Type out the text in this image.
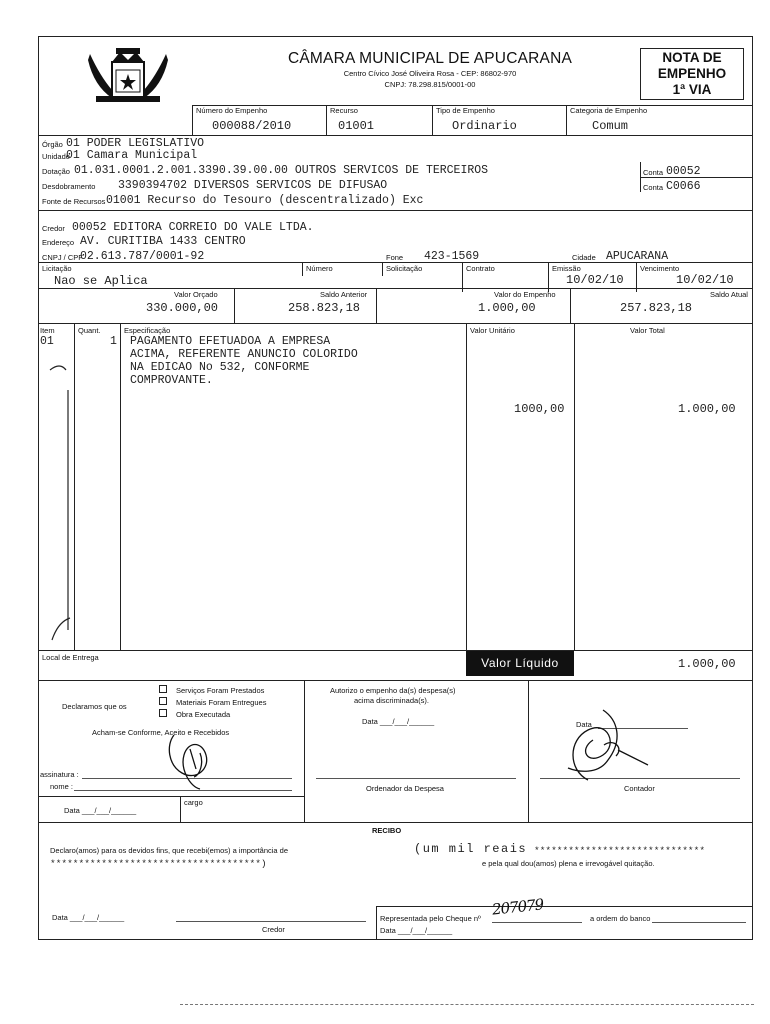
CÂMARA MUNICIPAL DE APUCARANA
Centro Cívico José Oliveira Rosa - CEP: 86802-970
CNPJ: 78.298.815/0001-00
NOTA DE
EMPENHO
1ª VIA
Número do Empenho
000088/2010
Recurso
01001
Tipo de Empenho
Ordinario
Categoria de Empenho
Comum
Órgão 01 PODER LEGISLATIVO
Unidade
01 Camara Municipal
Dotação 01.031.0001.2.001.3390.39.00.00 OUTROS SERVICOS DE TERCEIROS
Desdobramento 3390394702 DIVERSOS SERVICOS DE DIFUSAO
Fonte de Recursos 01001 Recurso do Tesouro (descentralizado) Exc
Conta 00052
Conta C0066
Credor 00052 EDITORA CORREIO DO VALE LTDA.
Endereço AV. CURITIBA 1433 CENTRO
CNPJ / CPF
02.613.787/0001-92	Fone 423-1569	Cidade APUCARANA
Licitação
Nao se Aplica
Número	Solicitação	Contrato	Emissão
10/02/10
Vencimento
10/02/10
Valor Orçado
330.000,00
Saldo Anterior
258.823,18
Valor do Empenho
1.000,00
Saldo Atual
257.823,18
Item	Quant.	Especificação	Valor Unitário	Valor Total
01	1 PAGAMENTO EFETUADOA A EMPRESA
ACIMA, REFERENTE ANUNCIO COLORIDO
NA EDICAO No 532, CONFORME
COMPROVANTE.
1000,00	1.000,00
Local de Entrega	Valor Líquido	1.000,00
Declaramos que os
Serviços Foram Prestados
Materiais Foram Entregues
Obra Executada
Acham-se Conforme, Aceito e Recebidos
assinatura :
nome :
Data ___/___/______
cargo
Autorizo o empenho da(s) despesa(s)
acima discriminada(s).
Data ___/___/______
Ordenador da Despesa
Data
Contador
RECIBO
Declaro(amos) para os devidos fins, que recebi(emos) a importância de	(um mil reais ******************************
*************************************)	e pela qual dou(amos) plena e irrevogável quitação.
Data ___/___/______
Credor
Representada pelo Cheque nº 207079	a ordem do banco
Data ___/___/______
